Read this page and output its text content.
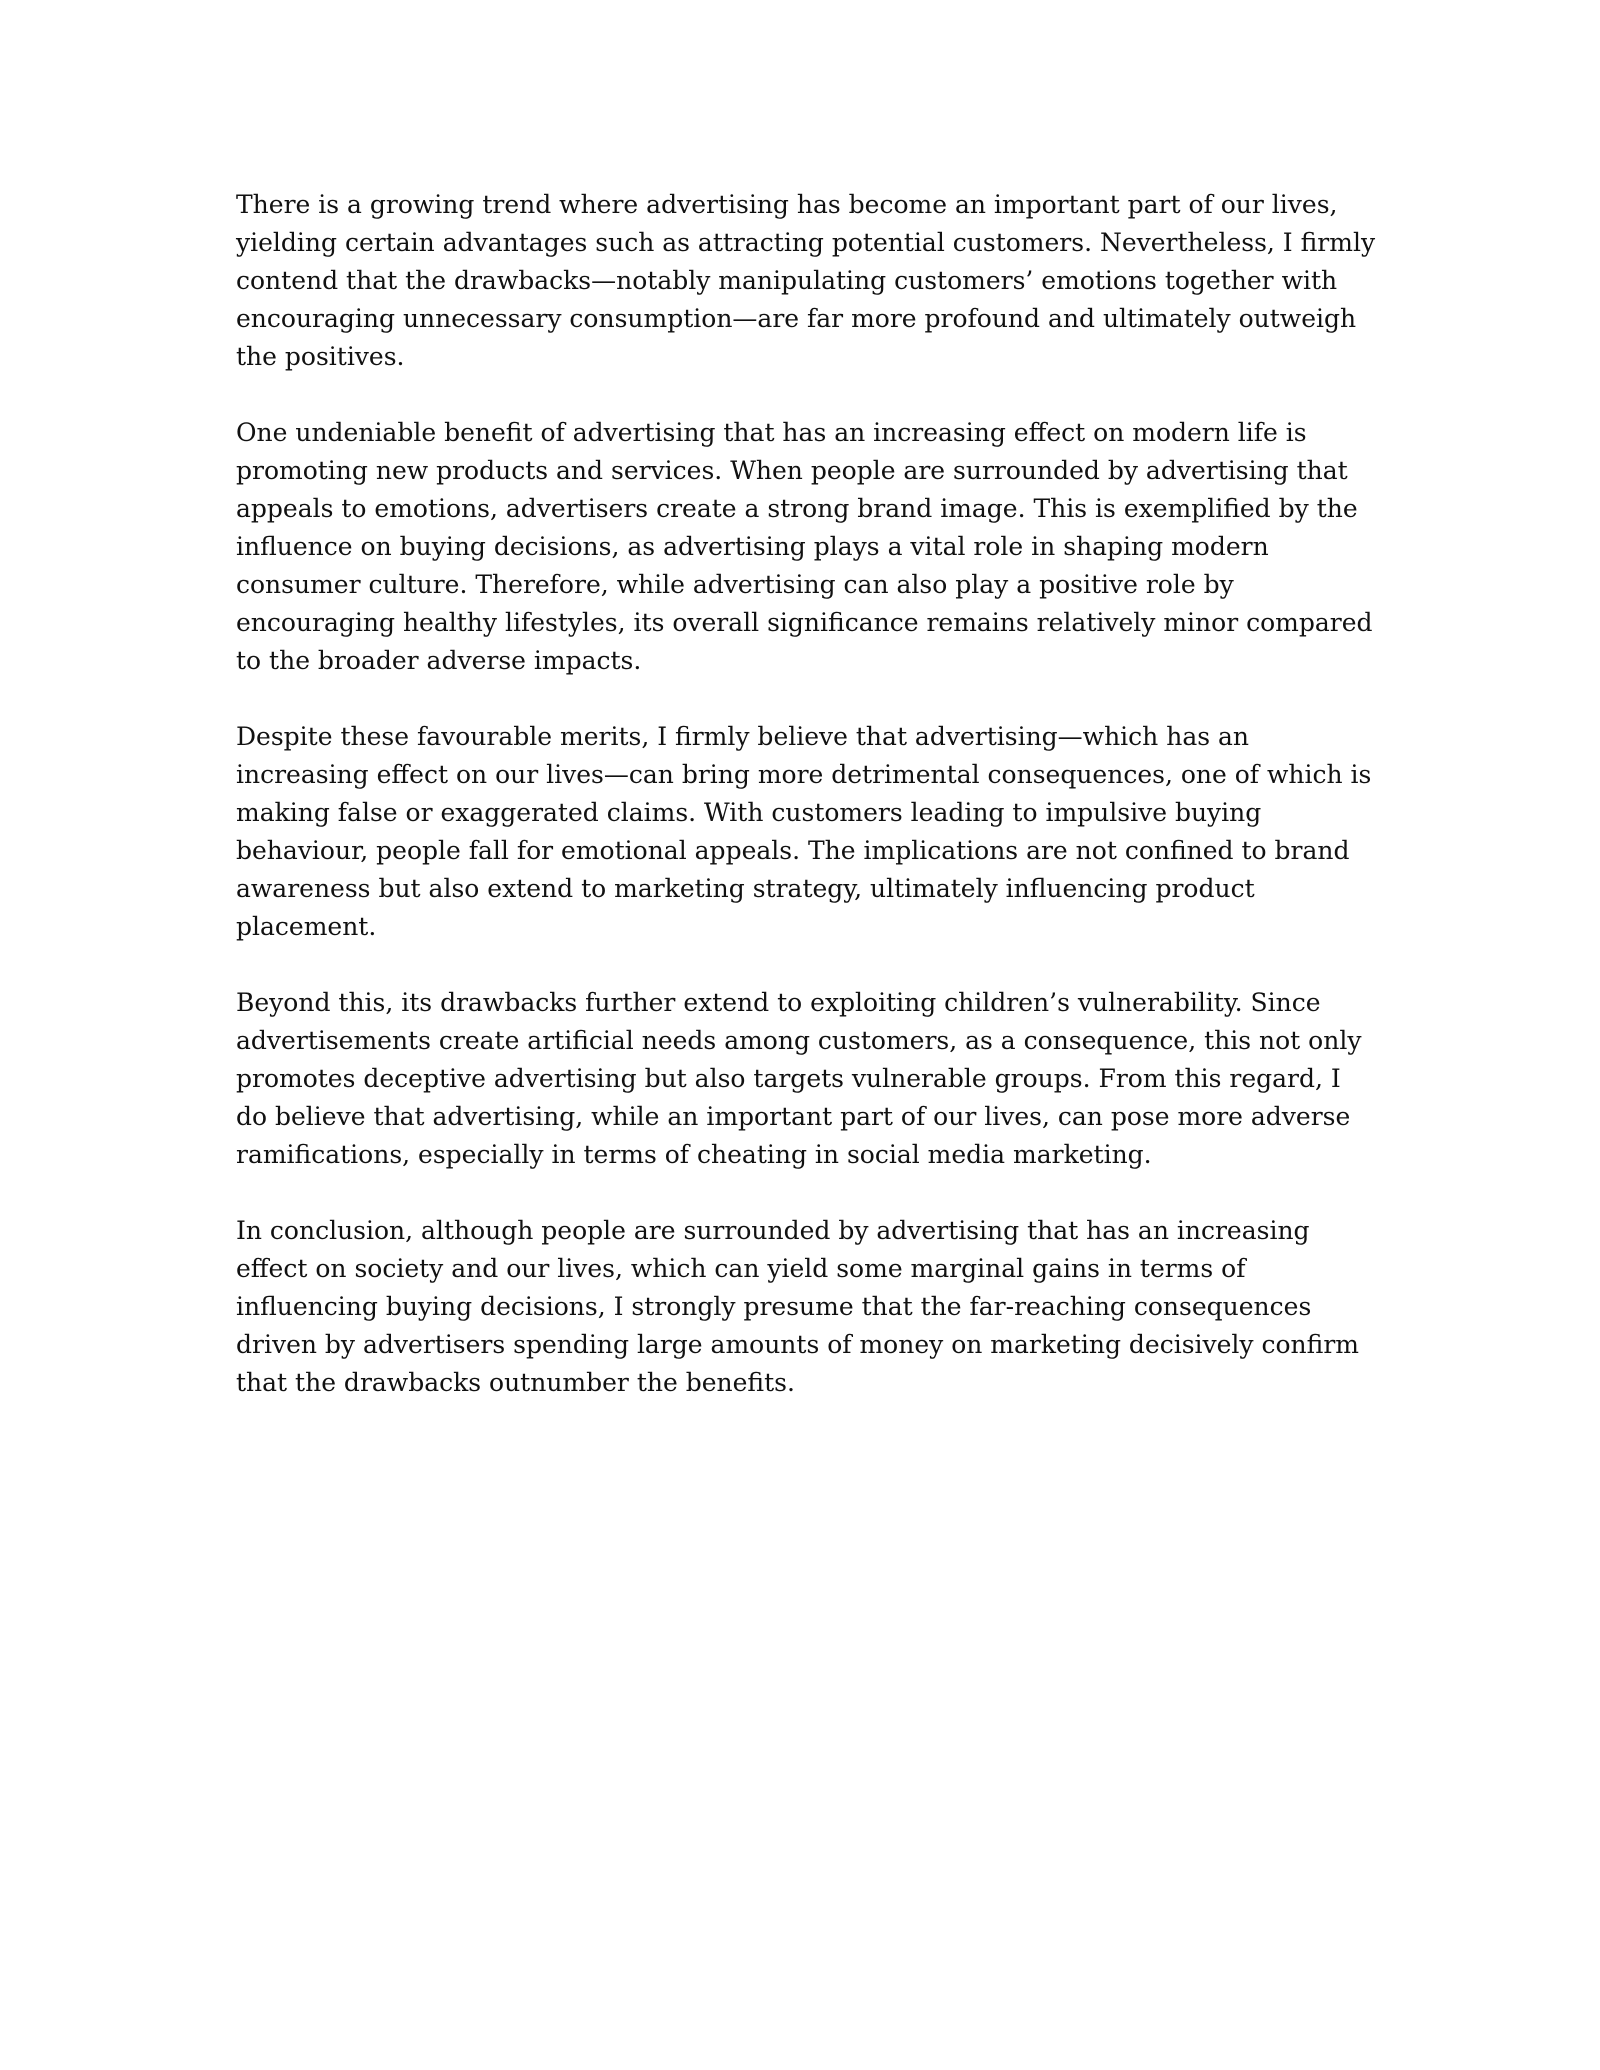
There is a growing trend where advertising has become an important part of our lives, yielding certain advantages such as attracting potential customers. Nevertheless, I firmly contend that the drawbacks—notably manipulating customers’ emotions together with encouraging unnecessary consumption—are far more profound and ultimately outweigh the positives.

One undeniable benefit of advertising that has an increasing effect on modern life is promoting new products and services. When people are surrounded by advertising that appeals to emotions, advertisers create a strong brand image. This is exemplified by the influence on buying decisions, as advertising plays a vital role in shaping modern consumer culture. Therefore, while advertising can also play a positive role by encouraging healthy lifestyles, its overall significance remains relatively minor compared to the broader adverse impacts.

Despite these favourable merits, I firmly believe that advertising—which has an increasing effect on our lives—can bring more detrimental consequences, one of which is making false or exaggerated claims. With customers leading to impulsive buying behaviour, people fall for emotional appeals. The implications are not confined to brand awareness but also extend to marketing strategy, ultimately influencing product placement.

Beyond this, its drawbacks further extend to exploiting children’s vulnerability. Since advertisements create artificial needs among customers, as a consequence, this not only promotes deceptive advertising but also targets vulnerable groups. From this regard, I do believe that advertising, while an important part of our lives, can pose more adverse ramifications, especially in terms of cheating in social media marketing.

In conclusion, although people are surrounded by advertising that has an increasing effect on society and our lives, which can yield some marginal gains in terms of influencing buying decisions, I strongly presume that the far-reaching consequences driven by advertisers spending large amounts of money on marketing decisively confirm that the drawbacks outnumber the benefits.
